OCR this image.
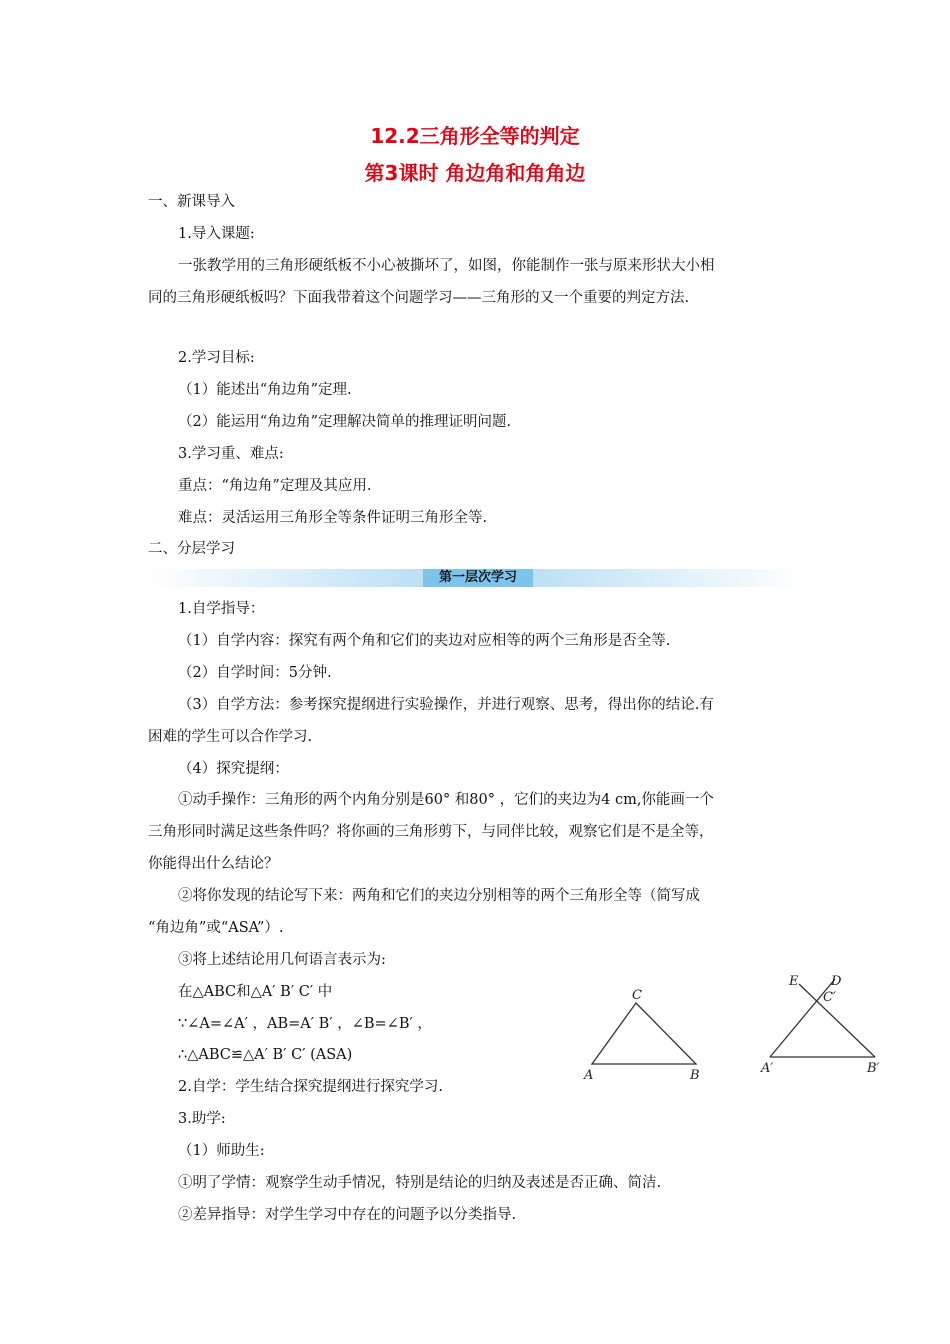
12.2三角形全等的判定
第3课时 角边角和角角边
一、新课导入
1.导入课题:
一张教学用的三角形硬纸板不小心被撕坏了，如图，你能制作一张与原来形状大小相
同的三角形硬纸板吗？下面我带着这个问题学习——三角形的又一个重要的判定方法.
2.学习目标:
（1）能述出“角边角”定理.
（2）能运用“角边角”定理解决简单的推理证明问题.
3.学习重、难点:
重点：“角边角”定理及其应用.
难点：灵活运用三角形全等条件证明三角形全等.
二、分层学习
第一层次学习
1.自学指导：
（1）自学内容：探究有两个角和它们的夹边对应相等的两个三角形是否全等.
（2）自学时间：5分钟.
（3）自学方法：参考探究提纲进行实验操作，并进行观察、思考，得出你的结论.有
困难的学生可以合作学习.
（4）探究提纲：
①动手操作：三角形的两个内角分别是60° 和80° ，它们的夹边为4 cm,你能画一个
三角形同时满足这些条件吗？将你画的三角形剪下，与同伴比较，观察它们是不是全等，
你能得出什么结论？
②将你发现的结论写下来：两角和它们的夹边分别相等的两个三角形全等（简写成
“角边角”或“ASA”）.
③将上述结论用几何语言表示为:
在△ABC和△A′ B′ C′ 中
∵∠A=∠A′ ，AB=A′ B′ ，∠B=∠B′ ，
∴△ABC≌△A′ B′ C′ (ASA)
2.自学：学生结合探究提纲进行探究学习.
3.助学:
（1）师助生:
①明了学情：观察学生动手情况，特别是结论的归纳及表述是否正确、简洁.
②差异指导：对学生学习中存在的问题予以分类指导.
A	B
C
A′	B′
C′
D
E
